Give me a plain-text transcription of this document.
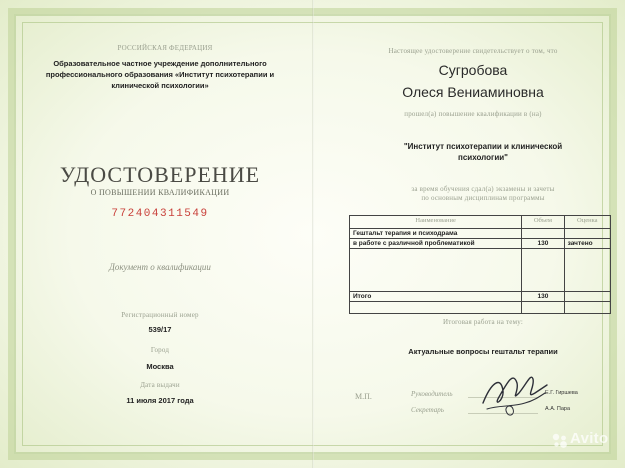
РОССИЙСКАЯ ФЕДЕРАЦИЯ
Образовательное частное учреждение дополнительного
профессионального образования «Институт психотерапии и
клинической психологии»
УДОСТОВЕРЕНИЕ
О ПОВЫШЕНИИ КВАЛИФИКАЦИИ
772404311549
Документ о квалификации
Регистрационный номер
539/17
Город
Москва
Дата выдачи
11 июля 2017 года
Настоящее удостоверение свидетельствует о том, что
Сугробова
Олеся Вениаминовна
прошел(а) повышение квалификации в (на)
"Институт психотерапии и клинической
психологии"
за время обучения сдал(а) экзамены и зачеты
по основным дисциплинам программы
Наименование	Объем	Оценка
Гештальт терапия и психодрама		
в работе с различной проблематикой	130	зачтено

Итого	130	

Итоговая работа на тему:
Актуальные вопросы гештальт терапии
М.П.	Руководитель
Секретарь
Е.Г. Гиршева
А.А. Пара
Avito
